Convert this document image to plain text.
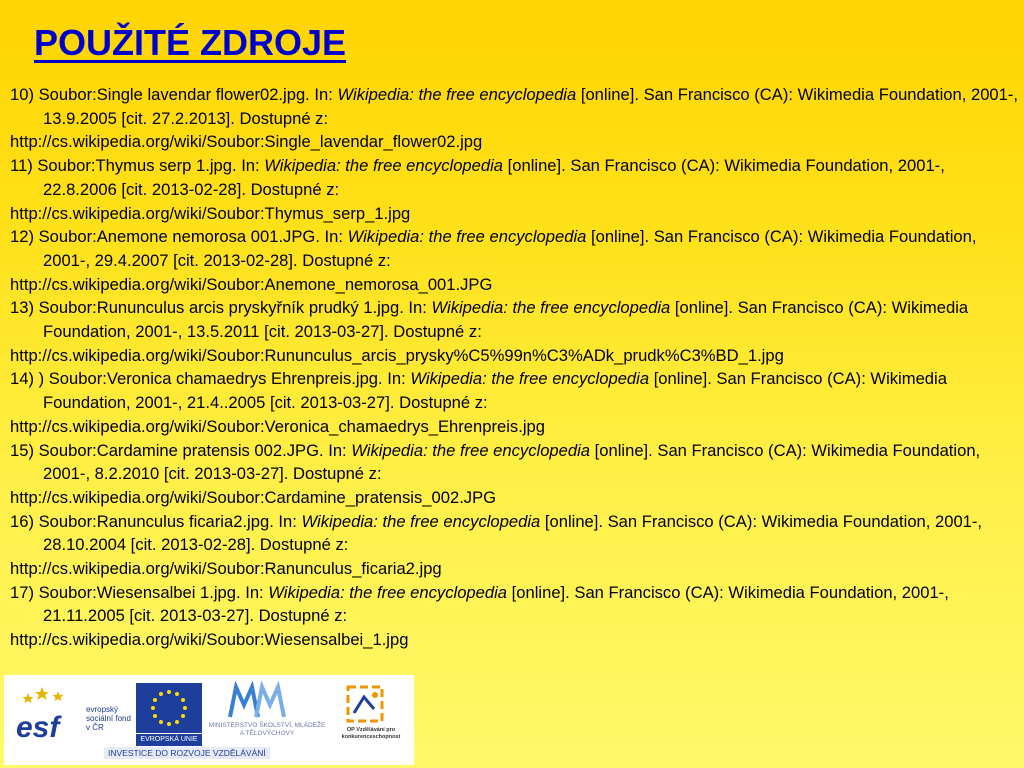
POUŽITÉ ZDROJE
10) Soubor:Single lavendar flower02.jpg. In: Wikipedia: the free encyclopedia [online]. San Francisco (CA): Wikimedia Foundation, 2001-, 13.9.2005 [cit. 27.2.2013]. Dostupné z:
http://cs.wikipedia.org/wiki/Soubor:Single_lavendar_flower02.jpg
11) Soubor:Thymus serp 1.jpg. In: Wikipedia: the free encyclopedia [online]. San Francisco (CA): Wikimedia Foundation, 2001-, 22.8.2006 [cit. 2013-02-28]. Dostupné z:
http://cs.wikipedia.org/wiki/Soubor:Thymus_serp_1.jpg
12) Soubor:Anemone nemorosa 001.JPG. In: Wikipedia: the free encyclopedia [online]. San Francisco (CA): Wikimedia Foundation, 2001-, 29.4.2007 [cit. 2013-02-28]. Dostupné z:
http://cs.wikipedia.org/wiki/Soubor:Anemone_nemorosa_001.JPG
13) Soubor:Rununculus arcis pryskyřník prudký 1.jpg. In: Wikipedia: the free encyclopedia [online]. San Francisco (CA): Wikimedia Foundation, 2001-, 13.5.2011 [cit. 2013-03-27]. Dostupné z:
http://cs.wikipedia.org/wiki/Soubor:Rununculus_arcis_prysky%C5%99n%C3%ADk_prudk%C3%BD_1.jpg
14) ) Soubor:Veronica chamaedrys Ehrenpreis.jpg. In: Wikipedia: the free encyclopedia [online]. San Francisco (CA): Wikimedia Foundation, 2001-, 21.4..2005 [cit. 2013-03-27]. Dostupné z:
http://cs.wikipedia.org/wiki/Soubor:Veronica_chamaedrys_Ehrenpreis.jpg
15) Soubor:Cardamine pratensis 002.JPG. In: Wikipedia: the free encyclopedia [online]. San Francisco (CA): Wikimedia Foundation, 2001-, 8.2.2010 [cit. 2013-03-27]. Dostupné z:
http://cs.wikipedia.org/wiki/Soubor:Cardamine_pratensis_002.JPG
16) Soubor:Ranunculus ficaria2.jpg. In: Wikipedia: the free encyclopedia [online]. San Francisco (CA): Wikimedia Foundation, 2001-, 28.10.2004 [cit. 2013-02-28]. Dostupné z:
http://cs.wikipedia.org/wiki/Soubor:Ranunculus_ficaria2.jpg
17) Soubor:Wiesensalbei 1.jpg. In: Wikipedia: the free encyclopedia [online]. San Francisco (CA): Wikimedia Foundation, 2001-, 21.11.2005 [cit. 2013-03-27]. Dostupné z:
http://cs.wikipedia.org/wiki/Soubor:Wiesensalbei_1.jpg
esf
evropský sociální fond v ČR
EVROPSKÁ UNIE
MINISTERSTVO ŠKOLSTVÍ, MLÁDEŽE A TĚLOVÝCHOVY	OP Vzdělávání pro konkurenceschopnost
INVESTICE DO ROZVOJE VZDĚLÁVÁNÍ
